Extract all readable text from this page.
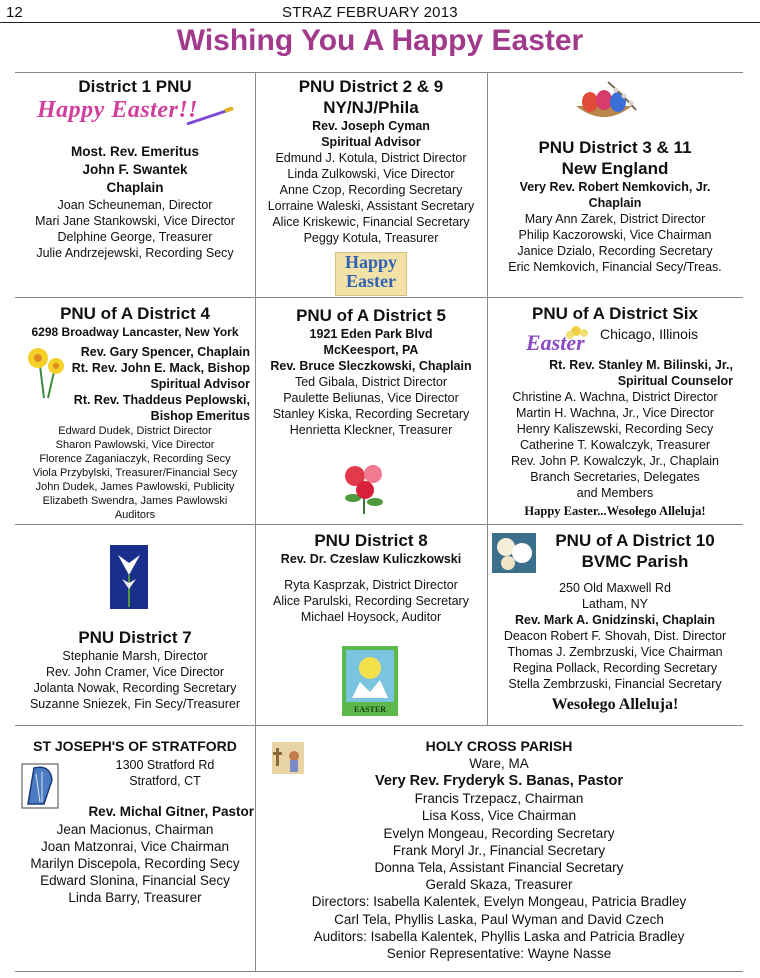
12	STRAZ FEBRUARY 2013
Wishing You A Happy Easter
District 1 PNU
Happy Easter!!
Most. Rev. Emeritus
John F. Swantek
Chaplain
Joan Scheuneman, Director
Mari Jane Stankowski, Vice Director
Delphine George, Treasurer
Julie Andrzejewski, Recording Secy
PNU District 2 & 9
NY/NJ/Phila
Rev. Joseph Cyman
Spiritual Advisor
Edmund J. Kotula, District Director
Linda Zulkowski, Vice Director
Anne Czop, Recording Secretary
Lorraine Waleski, Assistant Secretary
Alice Kriskewic, Financial Secretary
Peggy Kotula, Treasurer
Happy
Easter
PNU District 3 & 11
New England
Very Rev. Robert Nemkovich, Jr.
Chaplain
Mary Ann Zarek, District Director
Philip Kaczorowski, Vice Chairman
Janice Dzialo, Recording Secretary
Eric Nemkovich, Financial Secy/Treas.
PNU of A District 4
6298 Broadway Lancaster, New York
Rev. Gary Spencer, Chaplain
Rt. Rev. John E. Mack, Bishop
Spiritual Advisor
Rt. Rev. Thaddeus Peplowski,
Bishop Emeritus
Edward Dudek, District Director
Sharon Pawlowski, Vice Director
Florence Zaganiaczyk, Recording Secy
Viola Przybylski, Treasurer/Financial Secy
John Dudek, James Pawlowski, Publicity
Elizabeth Swendra, James Pawlowski
Auditors
PNU of A District 5
1921 Eden Park Blvd
McKeesport, PA
Rev. Bruce Sleczkowski, Chaplain
Ted Gibala, District Director
Paulette Beliunas, Vice Director
Stanley Kiska, Recording Secretary
Henrietta Kleckner, Treasurer
PNU of A District Six
Easter Chicago, Illinois
Rt. Rev. Stanley M. Bilinski, Jr.,
Spiritual Counselor
Christine A. Wachna, District Director
Martin H. Wachna, Jr., Vice Director
Henry Kaliszewski, Recording Secy
Catherine T. Kowalczyk, Treasurer
Rev. John P. Kowalczyk, Jr., Chaplain
Branch Secretaries, Delegates
and Members
Happy Easter...Wesołego Alleluja!
PNU District 7
Stephanie Marsh, Director
Rev. John Cramer, Vice Director
Jolanta Nowak, Recording Secretary
Suzanne Sniezek, Fin Secy/Treasurer
PNU District 8
Rev. Dr. Czeslaw Kuliczkowski
Ryta Kasprzak, District Director
Alice Parulski, Recording Secretary
Michael Hoysock, Auditor
EASTER
PNU of A District 10
BVMC Parish
250 Old Maxwell Rd
Latham, NY
Rev. Mark A. Gnidzinski, Chaplain
Deacon Robert F. Shovah, Dist. Director
Thomas J. Zembrzuski, Vice Chairman
Regina Pollack, Recording Secretary
Stella Zembrzuski, Financial Secretary
Wesołego Alleluja!
ST JOSEPH'S OF STRATFORD
1300 Stratford Rd
Stratford, CT
Rev. Michal Gitner, Pastor
Jean Macionus, Chairman
Joan Matzonrai, Vice Chairman
Marilyn Discepola, Recording Secy
Edward Slonina, Financial Secy
Linda Barry, Treasurer
HOLY CROSS PARISH
Ware, MA
Very Rev. Fryderyk S. Banas, Pastor
Francis Trzepacz, Chairman
Lisa Koss, Vice Chairman
Evelyn Mongeau, Recording Secretary
Frank Moryl Jr., Financial Secretary
Donna Tela, Assistant Financial Secretary
Gerald Skaza, Treasurer
Directors: Isabella Kalentek, Evelyn Mongeau, Patricia Bradley
Carl Tela, Phyllis Laska, Paul Wyman and David Czech
Auditors: Isabella Kalentek, Phyllis Laska and Patricia Bradley
Senior Representative: Wayne Nasse
